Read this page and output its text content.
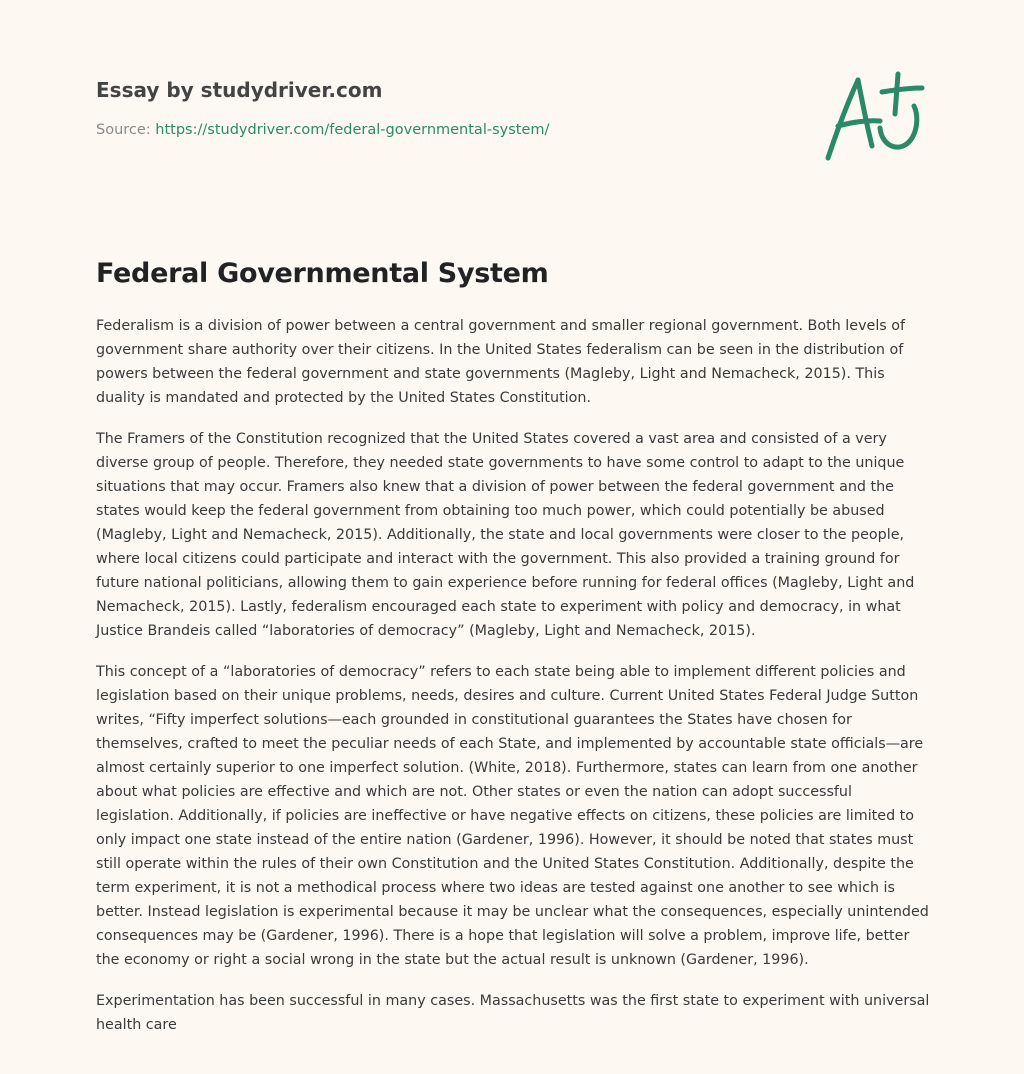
Essay by studydriver.com
Source: https://studydriver.com/federal-governmental-system/
Federal Governmental System

Federalism is a division of power between a central government and smaller regional government. Both levels of government share authority over their citizens. In the United States federalism can be seen in the distribution of powers between the federal government and state governments (Magleby, Light and Nemacheck, 2015). This duality is mandated and protected by the United States Constitution.

The Framers of the Constitution recognized that the United States covered a vast area and consisted of a very diverse group of people. Therefore, they needed state governments to have some control to adapt to the unique situations that may occur. Framers also knew that a division of power between the federal government and the states would keep the federal government from obtaining too much power, which could potentially be abused (Magleby, Light and Nemacheck, 2015). Additionally, the state and local governments were closer to the people, where local citizens could participate and interact with the government. This also provided a training ground for future national politicians, allowing them to gain experience before running for federal offices (Magleby, Light and Nemacheck, 2015). Lastly, federalism encouraged each state to experiment with policy and democracy, in what Justice Brandeis called “laboratories of democracy” (Magleby, Light and Nemacheck, 2015).

This concept of a “laboratories of democracy” refers to each state being able to implement different policies and legislation based on their unique problems, needs, desires and culture. Current United States Federal Judge Sutton writes, “Fifty imperfect solutions—each grounded in constitutional guarantees the States have chosen for themselves, crafted to meet the peculiar needs of each State, and implemented by accountable state officials—are almost certainly superior to one imperfect solution. (White, 2018). Furthermore, states can learn from one another about what policies are effective and which are not. Other states or even the nation can adopt successful legislation. Additionally, if policies are ineffective or have negative effects on citizens, these policies are limited to only impact one state instead of the entire nation (Gardener, 1996). However, it should be noted that states must still operate within the rules of their own Constitution and the United States Constitution. Additionally, despite the term experiment, it is not a methodical process where two ideas are tested against one another to see which is better. Instead legislation is experimental because it may be unclear what the consequences, especially unintended consequences may be (Gardener, 1996). There is a hope that legislation will solve a problem, improve life, better the economy or right a social wrong in the state but the actual result is unknown (Gardener, 1996).

Experimentation has been successful in many cases. Massachusetts was the first state to experiment with universal health care
